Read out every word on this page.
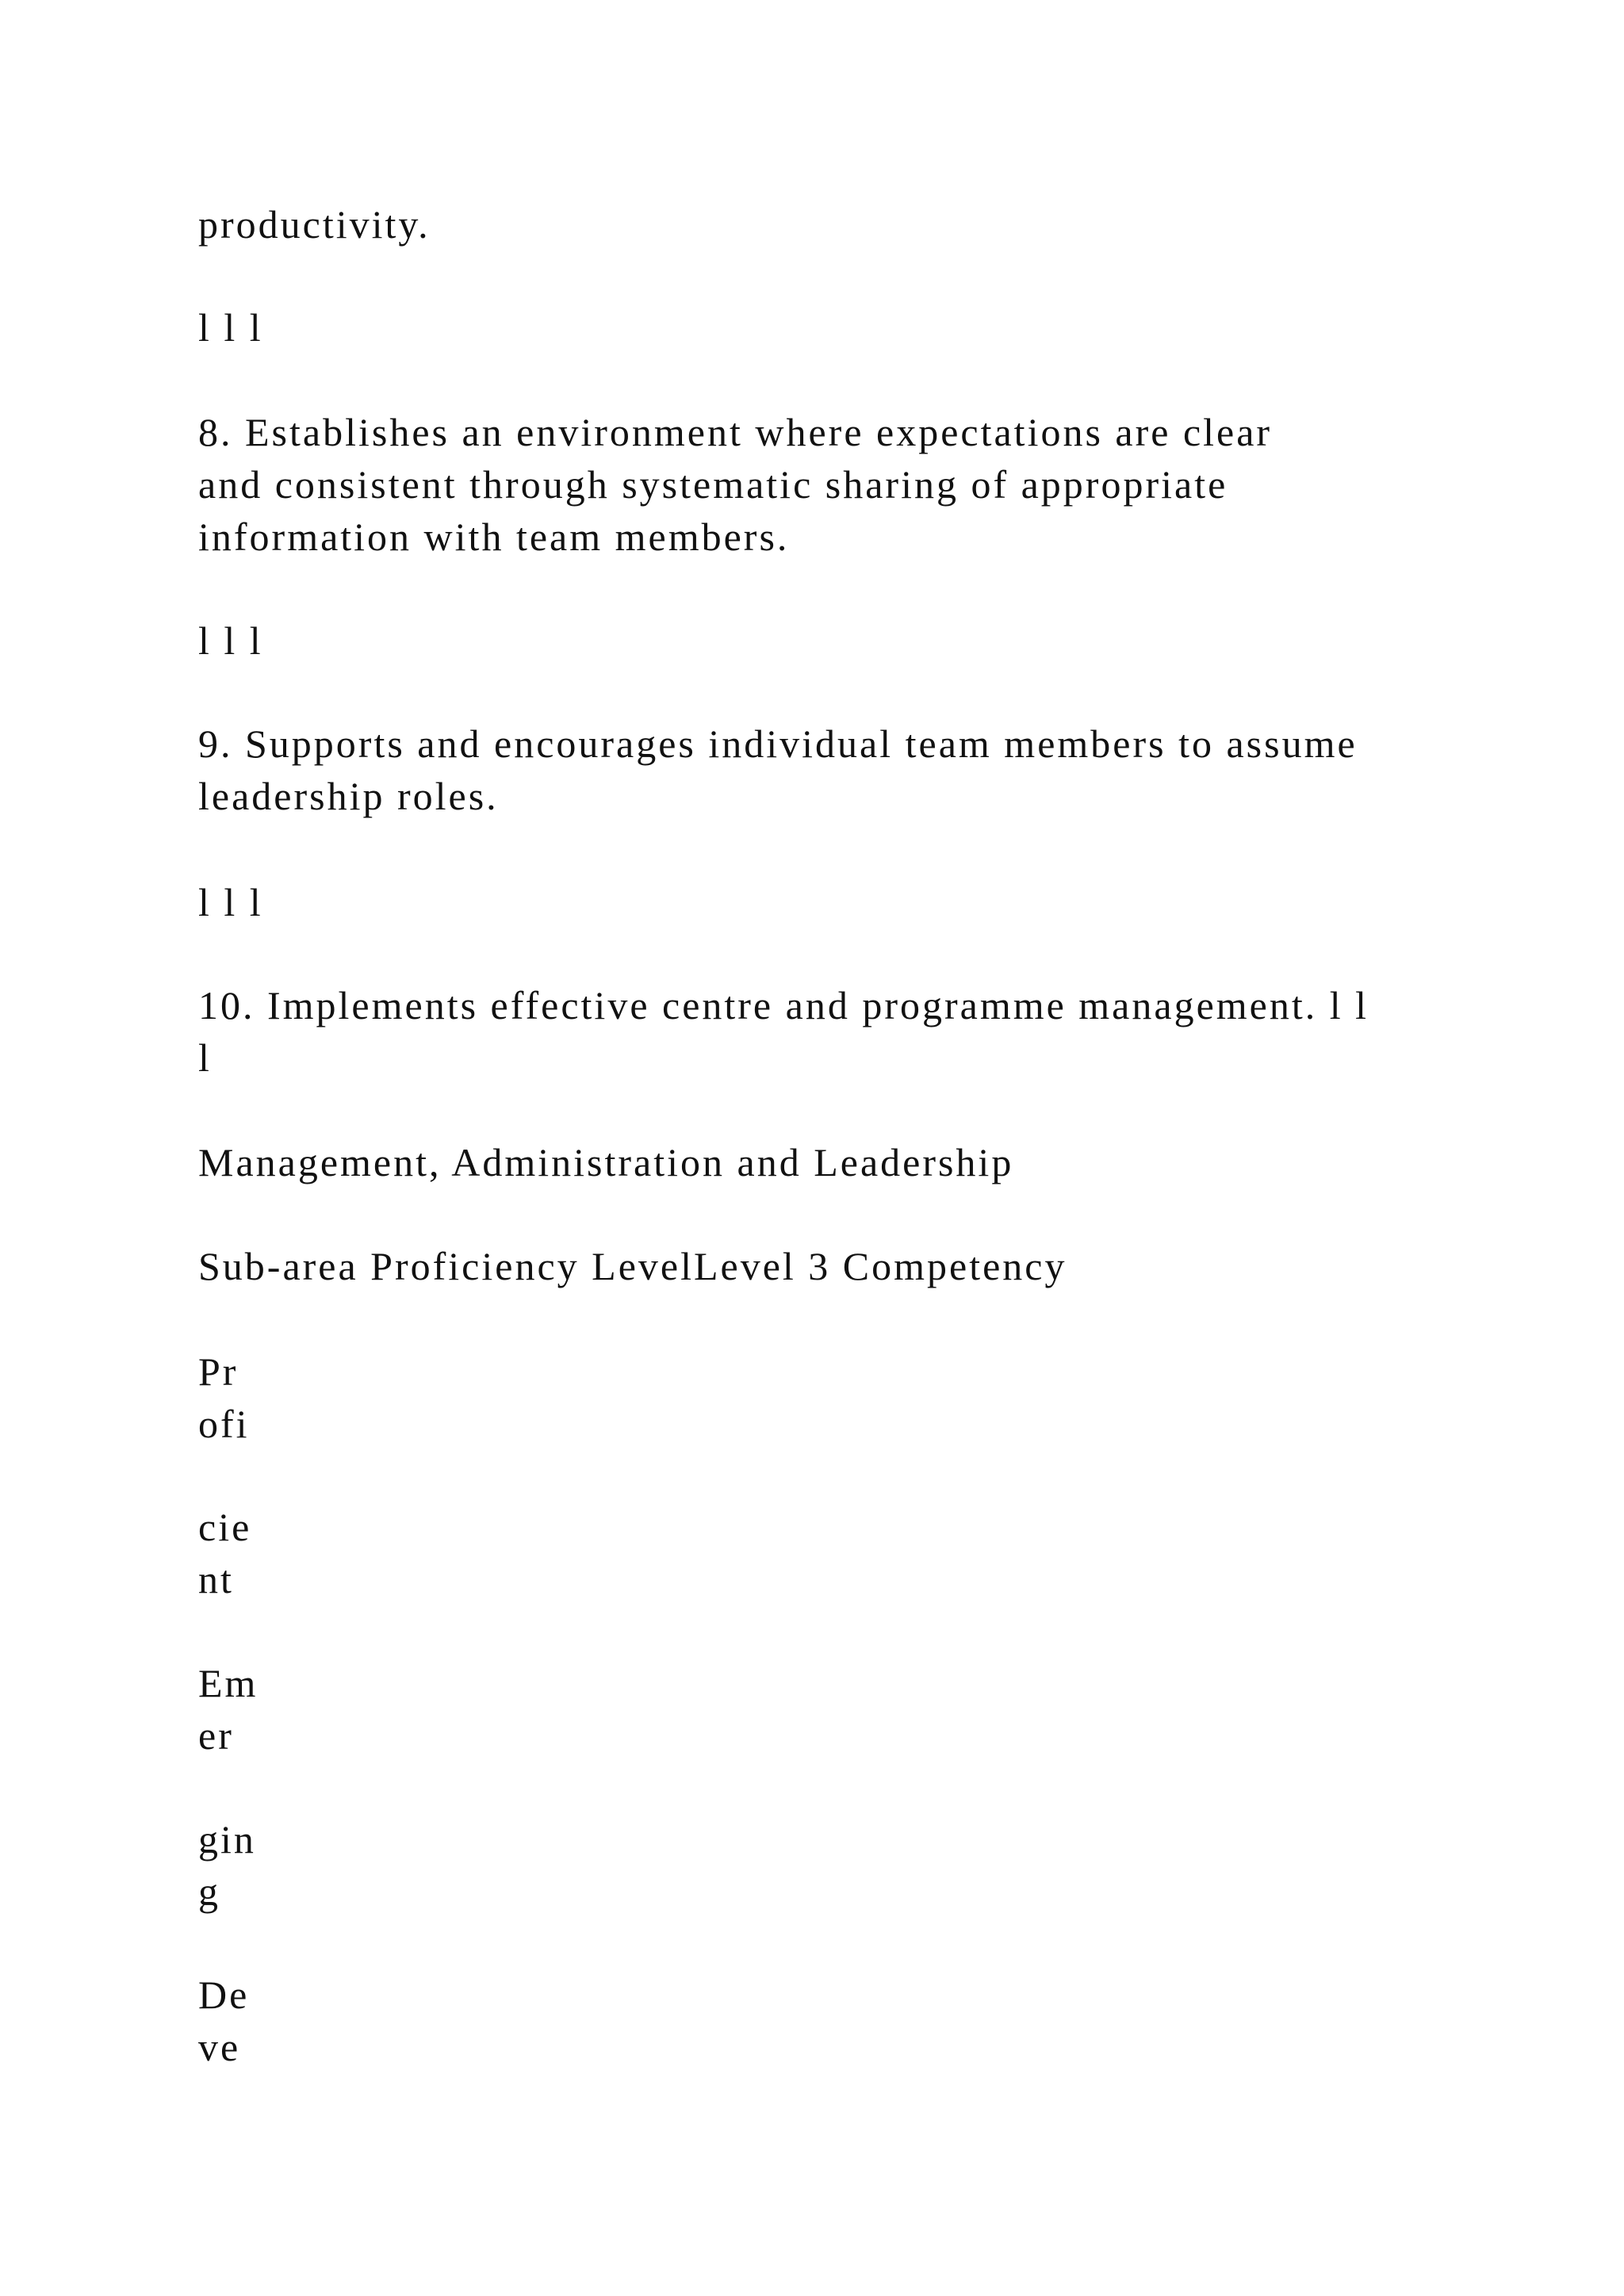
productivity.

l l l

8. Establishes an environment where expectations are clear
and consistent through systematic sharing of appropriate
information with team members.

l l l

9. Supports and encourages individual team members to assume
leadership roles.

l l l

10. Implements effective centre and programme management. l l
l

Management, Administration and Leadership

Sub-area Proficiency LevelLevel 3 Competency

Pr
ofi
cie
nt
Em
er
gin
g
De
ve
